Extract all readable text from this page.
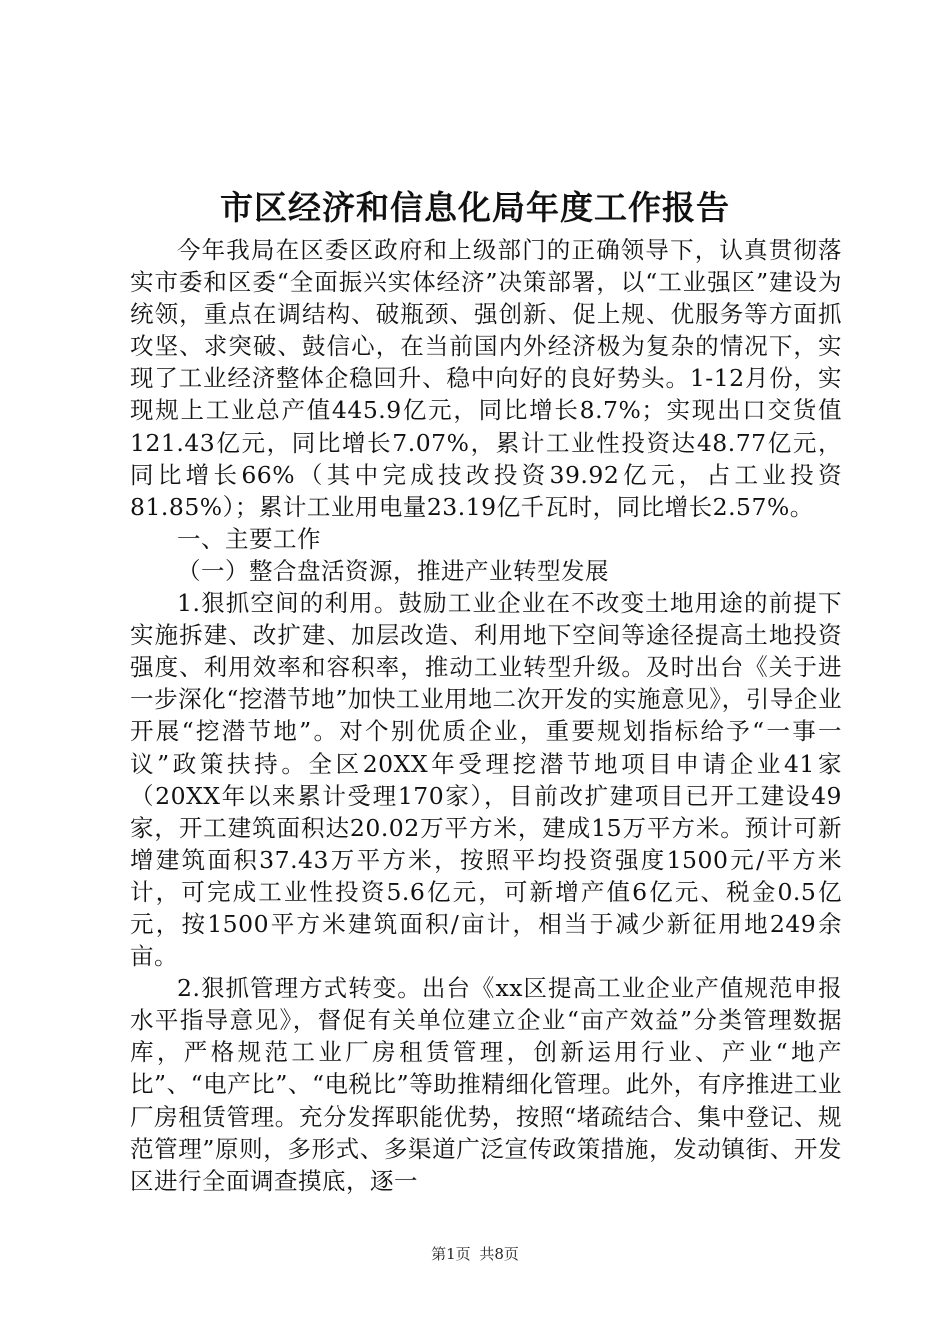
市区经济和信息化局年度工作报告

今年我局在区委区政府和上级部门的正确领导下，认真贯彻落实市委和区委“全面振兴实体经济”决策部署，以“工业强区”建设为统领，重点在调结构、破瓶颈、强创新、促上规、优服务等方面抓攻坚、求突破、鼓信心，在当前国内外经济极为复杂的情况下，实现了工业经济整体企稳回升、稳中向好的良好势头。1-12月份，实现规上工业总产值445.9亿元，同比增长8.7%；实现出口交货值121.43亿元，同比增长7.07%，累计工业性投资达48.77亿元，同比增长66%（其中完成技改投资39.92亿元，占工业投资81.85%）；累计工业用电量23.19亿千瓦时，同比增长2.57%。

一、主要工作

（一）整合盘活资源，推进产业转型发展

1.狠抓空间的利用。鼓励工业企业在不改变土地用途的前提下实施拆建、改扩建、加层改造、利用地下空间等途径提高土地投资强度、利用效率和容积率，推动工业转型升级。及时出台《关于进一步深化“挖潜节地”加快工业用地二次开发的实施意见》，引导企业开展“挖潜节地”。对个别优质企业，重要规划指标给予“一事一议”政策扶持。全区20XX年受理挖潜节地项目申请企业41家（20XX年以来累计受理170家），目前改扩建项目已开工建设49家，开工建筑面积达20.02万平方米，建成15万平方米。预计可新增建筑面积37.43万平方米，按照平均投资强度1500元/平方米计，可完成工业性投资5.6亿元，可新增产值6亿元、税金0.5亿元，按1500平方米建筑面积/亩计，相当于减少新征用地249余亩。

2.狠抓管理方式转变。出台《xx区提高工业企业产值规范申报水平指导意见》，督促有关单位建立企业“亩产效益”分类管理数据库，严格规范工业厂房租赁管理，创新运用行业、产业“地产比”、“电产比”、“电税比”等助推精细化管理。此外，有序推进工业厂房租赁管理。充分发挥职能优势，按照“堵疏结合、集中登记、规范管理”原则，多形式、多渠道广泛宣传政策措施，发动镇街、开发区进行全面调查摸底，逐一

第1页 共8页
